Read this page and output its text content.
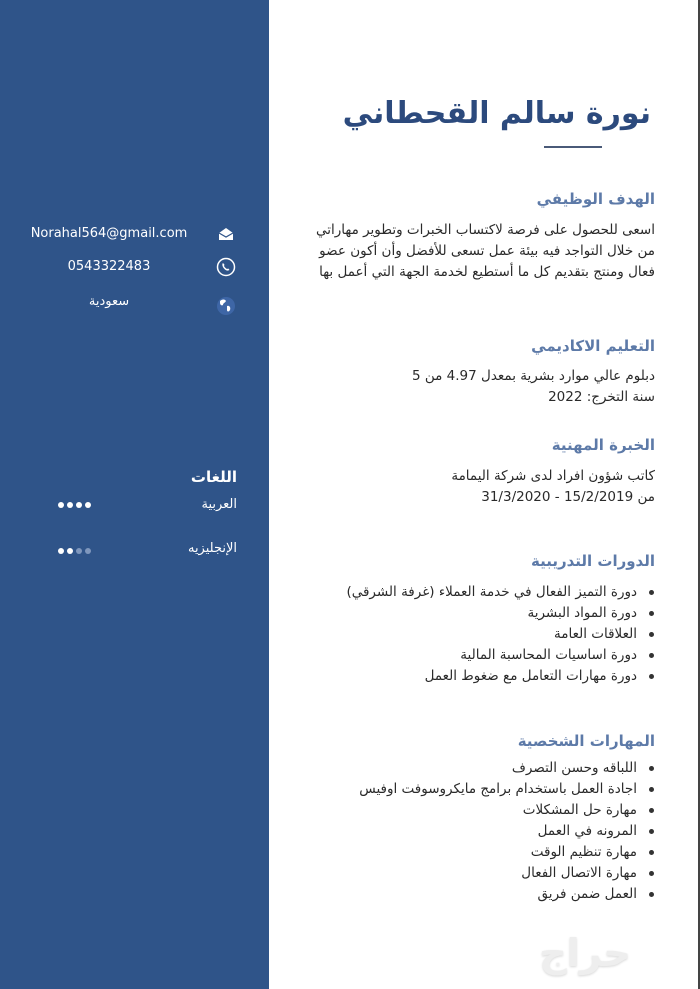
Norahal564@gmail.com
0543322483
سعودية
اللغات
العربية
الإنجليزيه
نورة سالم القحطاني
الهدف الوظيفي
اسعى للحصول على فرصة لاكتساب الخبرات وتطوير مهاراتي
من خلال التواجد فيه بيئة عمل تسعى للأفضل وأن أكون عضو
فعال ومنتج بتقديم كل ما أستطيع لخدمة الجهة التي أعمل بها
التعليم الاكاديمي
دبلوم عالي موارد بشرية بمعدل 4.97 من 5
سنة التخرج: 2022
الخبرة المهنية
كاتب شؤون افراد لدى شركة اليمامة
من 15/2/2019 - 31/3/2020
الدورات التدريبية
دورة التميز الفعال في خدمة العملاء (غرفة الشرقي)
دورة المواد البشرية
العلاقات العامة
دورة اساسيات المحاسبة المالية
دورة مهارات التعامل مع ضغوط العمل
المهارات الشخصية
اللباقه وحسن التصرف
اجادة العمل باستخدام برامج مايكروسوفت اوفيس
مهارة حل المشكلات
المرونه في العمل
مهارة تنظيم الوقت
مهارة الاتصال الفعال
العمل ضمن فريق
حراج
